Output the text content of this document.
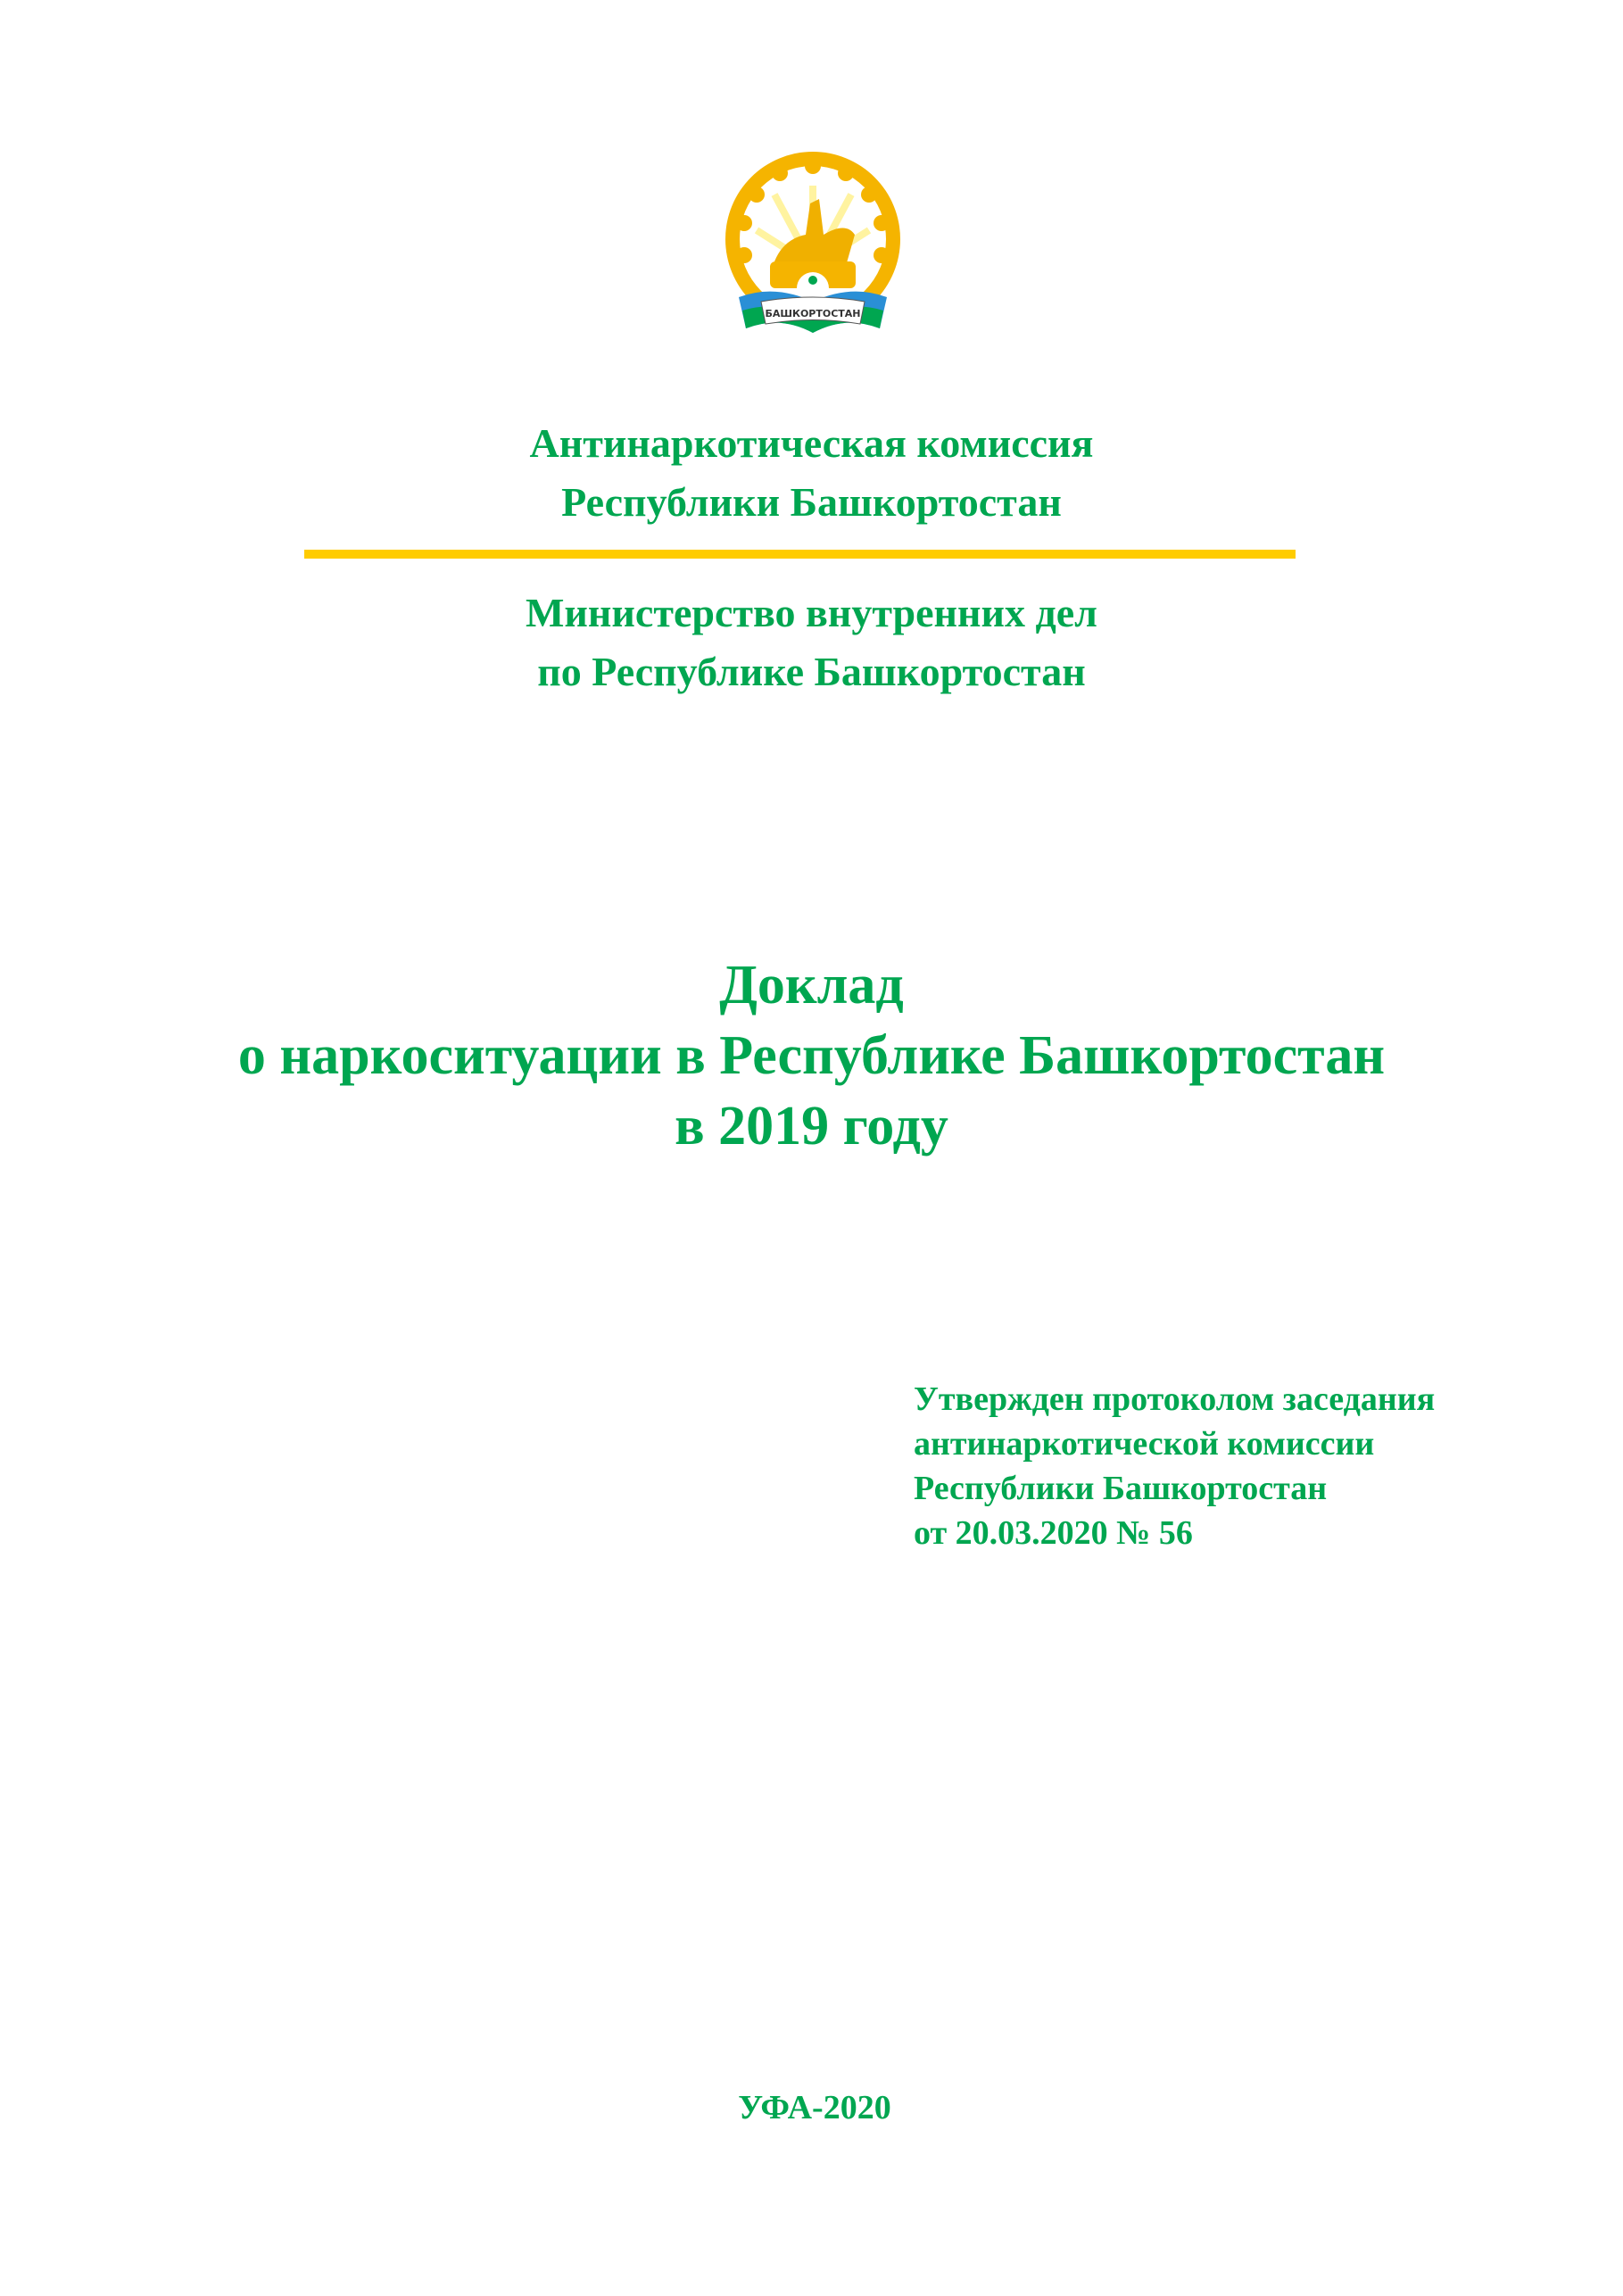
БАШКОРТОСТАН
Антинаркотическая комиссия
Республики Башкортостан
Министерство внутренних дел
по Республике Башкортостан
Доклад
о наркоситуации в Республике Башкортостан
в 2019 году
Утвержден протоколом заседания
антинаркотической комиссии
Республики Башкортостан
от 20.03.2020 № 56
УФА-2020
